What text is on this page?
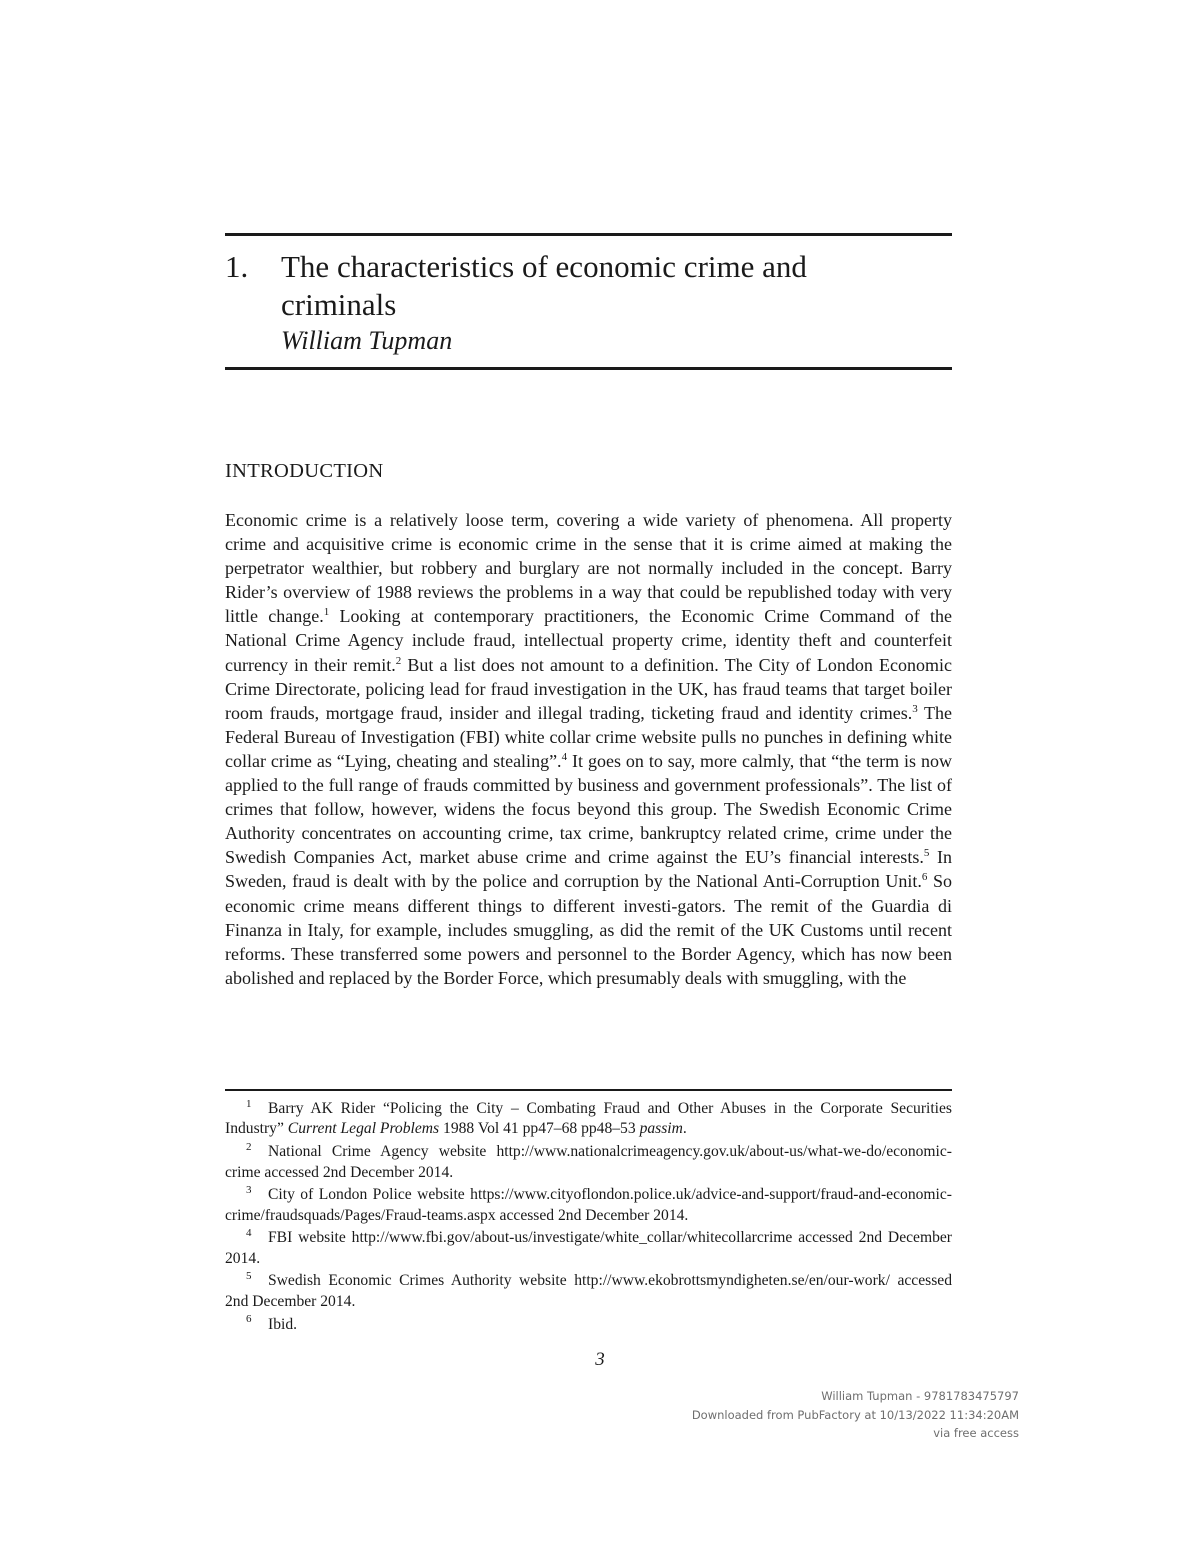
1. The characteristics of economic crime and criminals
William Tupman
INTRODUCTION

Economic crime is a relatively loose term, covering a wide variety of phenomena. All property crime and acquisitive crime is economic crime in the sense that it is crime aimed at making the perpetrator wealthier, but robbery and burglary are not normally included in the concept. Barry Rider’s overview of 1988 reviews the problems in a way that could be republished today with very little change.$^1$ Looking at contemporary practitioners, the Economic Crime Command of the National Crime Agency include fraud, intellectual property crime, identity theft and counterfeit currency in their remit.$^2$ But a list does not amount to a definition. The City of London Economic Crime Directorate, policing lead for fraud investigation in the UK, has fraud teams that target boiler room frauds, mortgage fraud, insider and illegal trading, ticketing fraud and identity crimes.$^3$ The Federal Bureau of Investigation (FBI) white collar crime website pulls no punches in defining white collar crime as “Lying, cheating and stealing”.$^4$ It goes on to say, more calmly, that “the term is now applied to the full range of frauds committed by business and government professionals”. The list of crimes that follow, however, widens the focus beyond this group. The Swedish Economic Crime Authority concentrates on accounting crime, tax crime, bankruptcy related crime, crime under the Swedish Companies Act, market abuse crime and crime against the EU’s financial interests.$^5$ In Sweden, fraud is dealt with by the police and corruption by the National Anti-Corruption Unit.$^6$ So economic crime means different things to different investi-gators. The remit of the Guardia di Finanza in Italy, for example, includes smuggling, as did the remit of the UK Customs until recent reforms. These transferred some powers and personnel to the Border Agency, which has now been abolished and replaced by the Border Force, which presumably deals with smuggling, with the

1 Barry AK Rider “Policing the City – Combating Fraud and Other Abuses in the Corporate Securities Industry” Current Legal Problems 1988 Vol 41 pp47–68 pp48–53 passim.

2 National Crime Agency website http://www.nationalcrimeagency.gov.uk/about-us/what-we-do/economic-crime accessed 2nd December 2014.

3 City of London Police website https://www.cityoflondon.police.uk/advice-and-support/fraud-and-economic-crime/fraudsquads/Pages/Fraud-teams.aspx accessed 2nd December 2014.

4 FBI website http://www.fbi.gov/about-us/investigate/white_collar/whitecollarcrime accessed 2nd December 2014.

5 Swedish Economic Crimes Authority website http://www.ekobrottsmyndigheten.se/en/our-work/ accessed 2nd December 2014.

6 Ibid.

3
William Tupman - 9781783475797
Downloaded from PubFactory at 10/13/2022 11:34:20AM
via free access
